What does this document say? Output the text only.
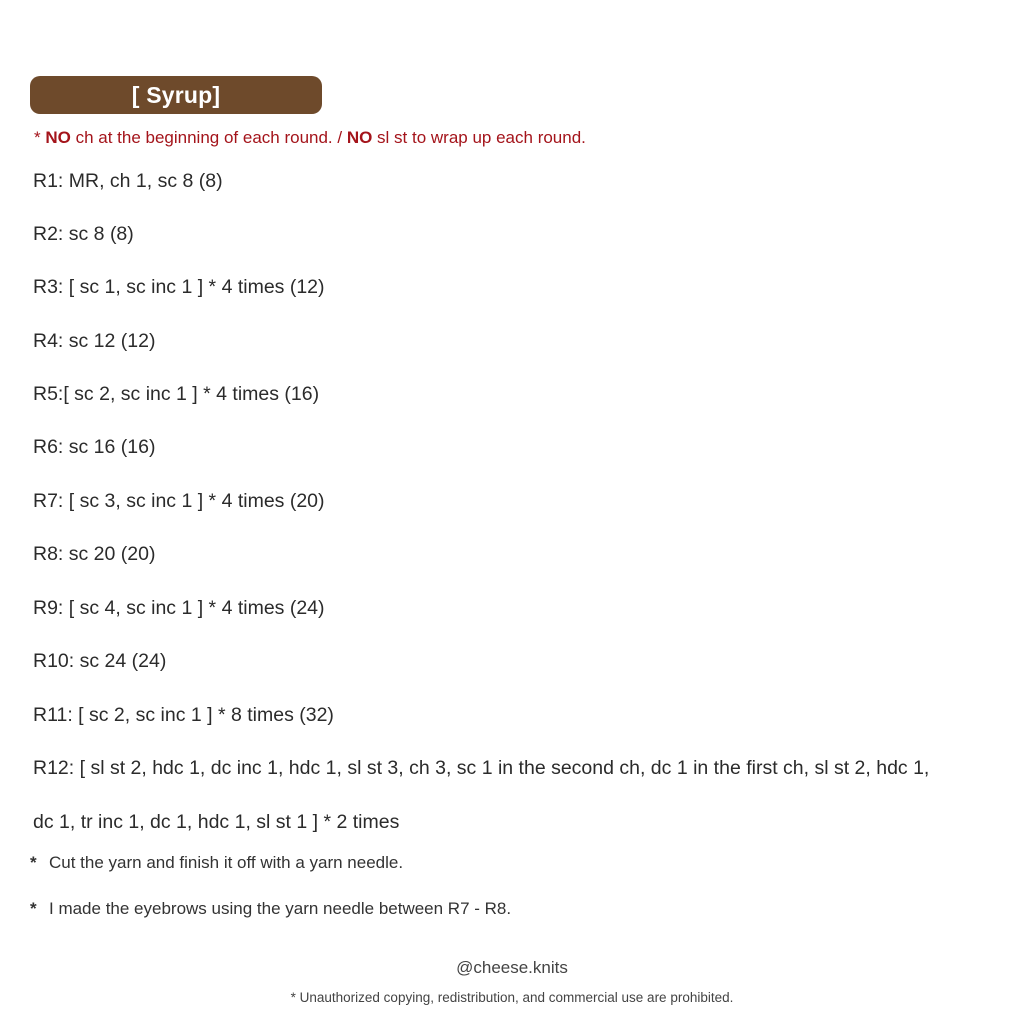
[ Syrup]
* NO ch at the beginning of each round. / NO sl st to wrap up each round.
R1: MR, ch 1, sc 8 (8)
R2: sc 8 (8)
R3: [ sc 1, sc inc 1 ] * 4 times (12)
R4: sc 12 (12)
R5:[ sc 2, sc inc 1 ] * 4 times (16)
R6: sc 16 (16)
R7: [ sc 3, sc inc 1 ] * 4 times (20)
R8: sc 20 (20)
R9: [ sc 4, sc inc 1 ] * 4 times (24)
R10: sc 24 (24)
R11: [ sc 2, sc inc 1 ] * 8 times (32)
R12: [ sl st 2, hdc 1, dc inc 1, hdc 1, sl st 3, ch 3, sc 1 in the second ch, dc 1 in the first ch, sl st 2, hdc 1,
dc 1, tr inc 1, dc 1, hdc 1, sl st 1 ] * 2 times
* Cut the yarn and finish it off with a yarn needle.
* I made the eyebrows using the yarn needle between R7 - R8.
@cheese.knits
* Unauthorized copying, redistribution, and commercial use are prohibited.
